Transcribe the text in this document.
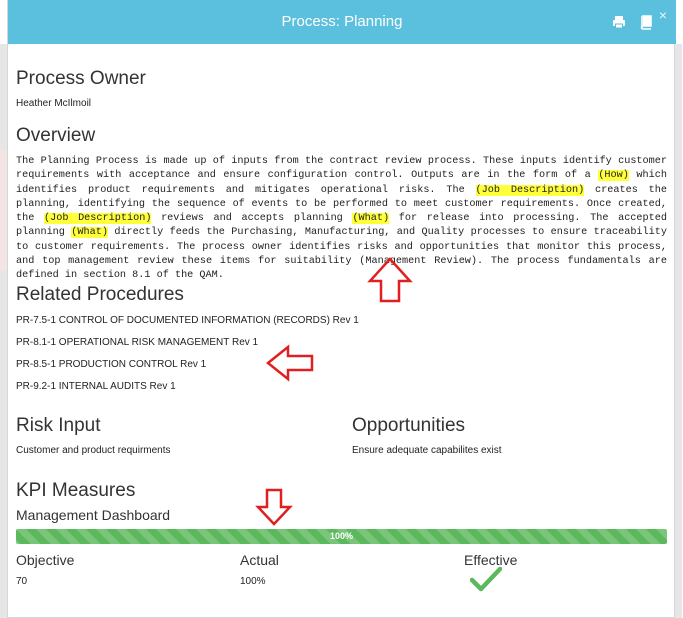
Process: Planning	×
Process Owner
Heather McIlmoil
Overview
The Planning Process is made up of inputs from the contract review process. These inputs identify customer requirements with acceptance and ensure configuration control. Outputs are in the form of a (How) which identifies product requirements and mitigates operational risks. The (Job Description) creates the planning, identifying the sequence of events to be performed to meet customer requirements. Once created, the (Job Description) reviews and accepts planning (What) for release into processing. The accepted planning (What) directly feeds the Purchasing, Manufacturing, and Quality processes to ensure traceability to customer requirements. The process owner identifies risks and opportunities that monitor this process, and top management review these items for suitability (Management Review). The process fundamentals are defined in section 8.1 of the QAM.
Related Procedures
PR-7.5-1 CONTROL OF DOCUMENTED INFORMATION (RECORDS) Rev 1
PR-8.1-1 OPERATIONAL RISK MANAGEMENT Rev 1
PR-8.5-1 PRODUCTION CONTROL Rev 1
PR-9.2-1 INTERNAL AUDITS Rev 1
Risk Input
Customer and product requirments
Opportunities
Ensure adequate capabilites exist
KPI Measures
Management Dashboard
100%
Objective
70
Actual
100%
Effective
